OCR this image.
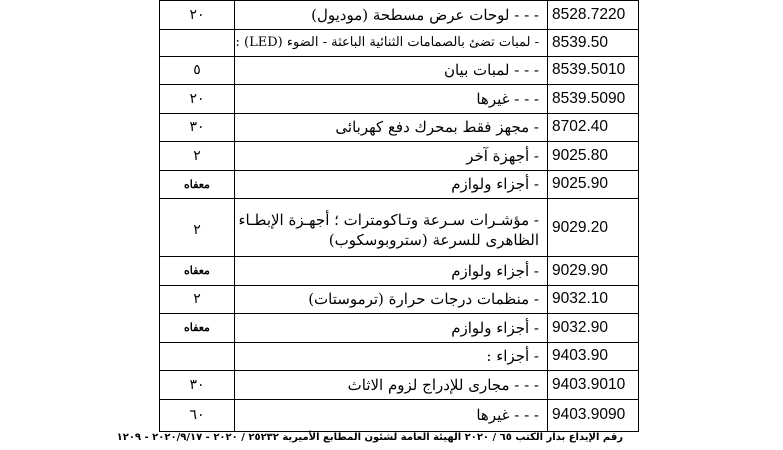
٢٠	- - - لوحات عرض مسطحة (موديول)	8528.7220
	- لمبات تضئ بالصمامات الثنائية الباعثة - الضوء (LED) :	8539.50
٥	- - - لمبات بيان	8539.5010
٢٠	- - - غيرها	8539.5090
٣٠	- مجهز فقط بمحرك دفع كهربائى	8702.40
٢	- أجهزة آخر	9025.80
معفاه	- أجزاء ولوازم	9025.90
٢	- مؤشـرات سـرعة وتـاكومترات ؛ أجهـزة الإبطـاء الظاهرى للسرعة (ستروبوسكوب)	9029.20
معفاه	- أجزاء ولوازم	9029.90
٢	- منظمات درجات حرارة (ترموستات)	9032.10
معفاه	- أجزاء ولوازم	9032.90
	- أجزاء :	9403.90
٣٠	- - - مجارى للإدراج لزوم الاثاث	9403.9010
٦٠	- - - غيرها	9403.9090
رقم الإيداع بدار الكتب ٦٥ / ٢٠٢٠ الهيئة العامة لشئون المطابع الأميرية ٢٥٢٣٢ / ٢٠٢٠ - ٢٠٢٠/٩/١٧ - ١٢٠٩
